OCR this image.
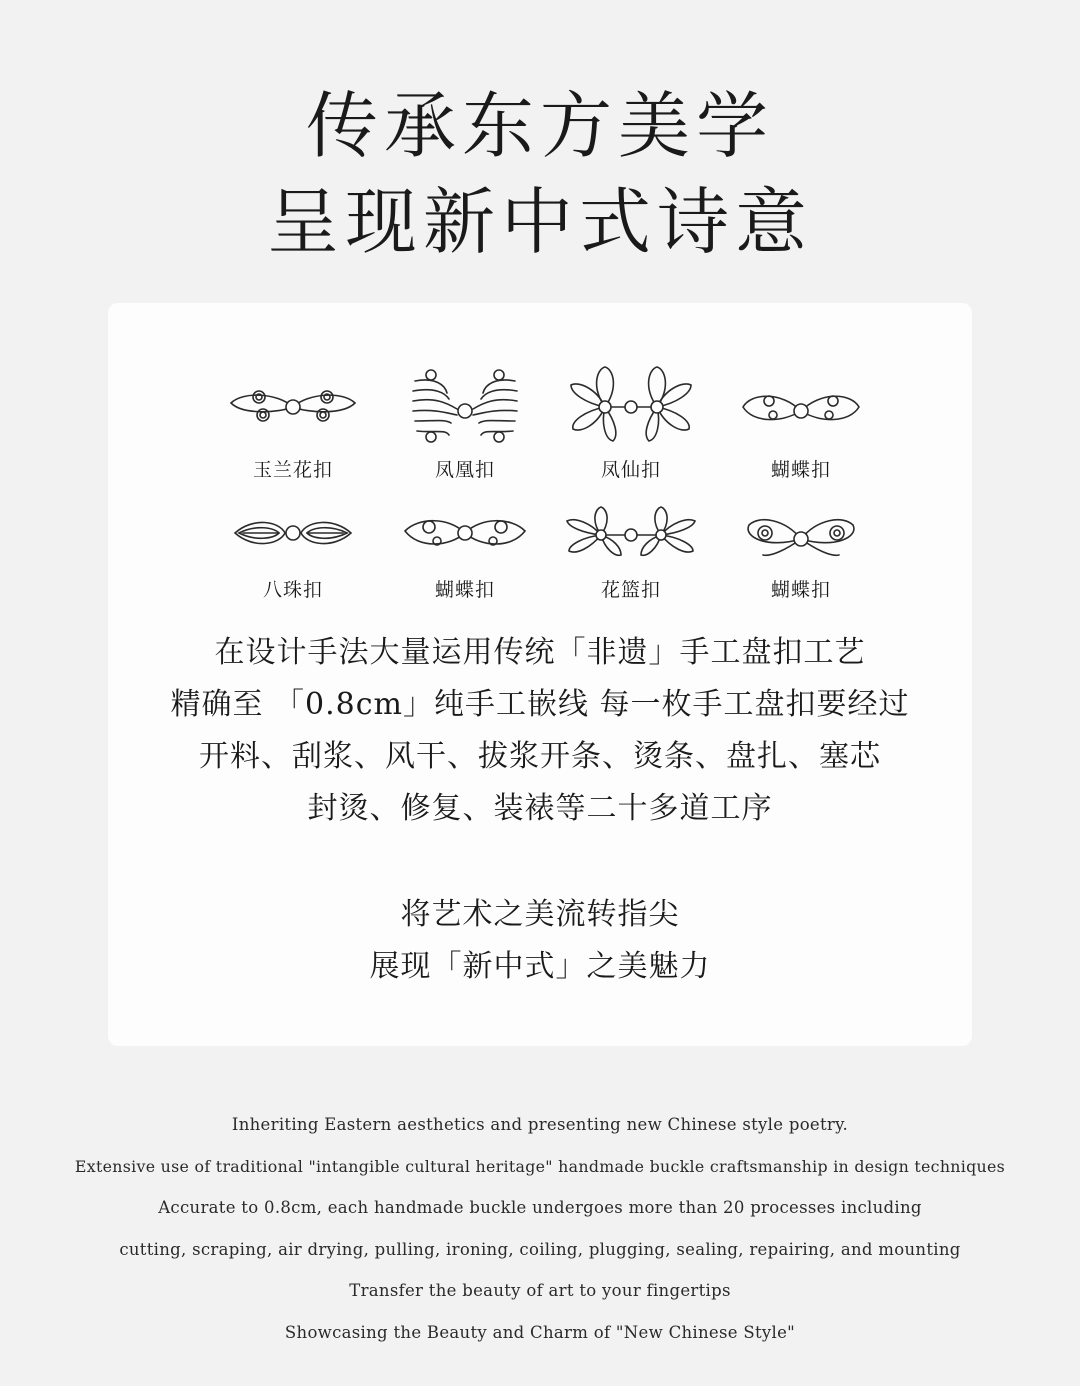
传承东方美学
呈现新中式诗意
玉兰花扣	凤凰扣	凤仙扣	蝴蝶扣
八珠扣	蝴蝶扣	花篮扣	蝴蝶扣
在设计手法大量运用传统「非遗」手工盘扣工艺
精确至 「0.8cm」纯手工嵌线 每一枚手工盘扣要经过
开料、刮浆、风干、拔浆开条、烫条、盘扎、塞芯
封烫、修复、装裱等二十多道工序
将艺术之美流转指尖
展现「新中式」之美魅力
Inheriting Eastern aesthetics and presenting new Chinese style poetry.
Extensive use of traditional "intangible cultural heritage" handmade buckle craftsmanship in design techniques
Accurate to 0.8cm, each handmade buckle undergoes more than 20 processes including
cutting, scraping, air drying, pulling, ironing, coiling, plugging, sealing, repairing, and mounting
Transfer the beauty of art to your fingertips
Showcasing the Beauty and Charm of "New Chinese Style"
